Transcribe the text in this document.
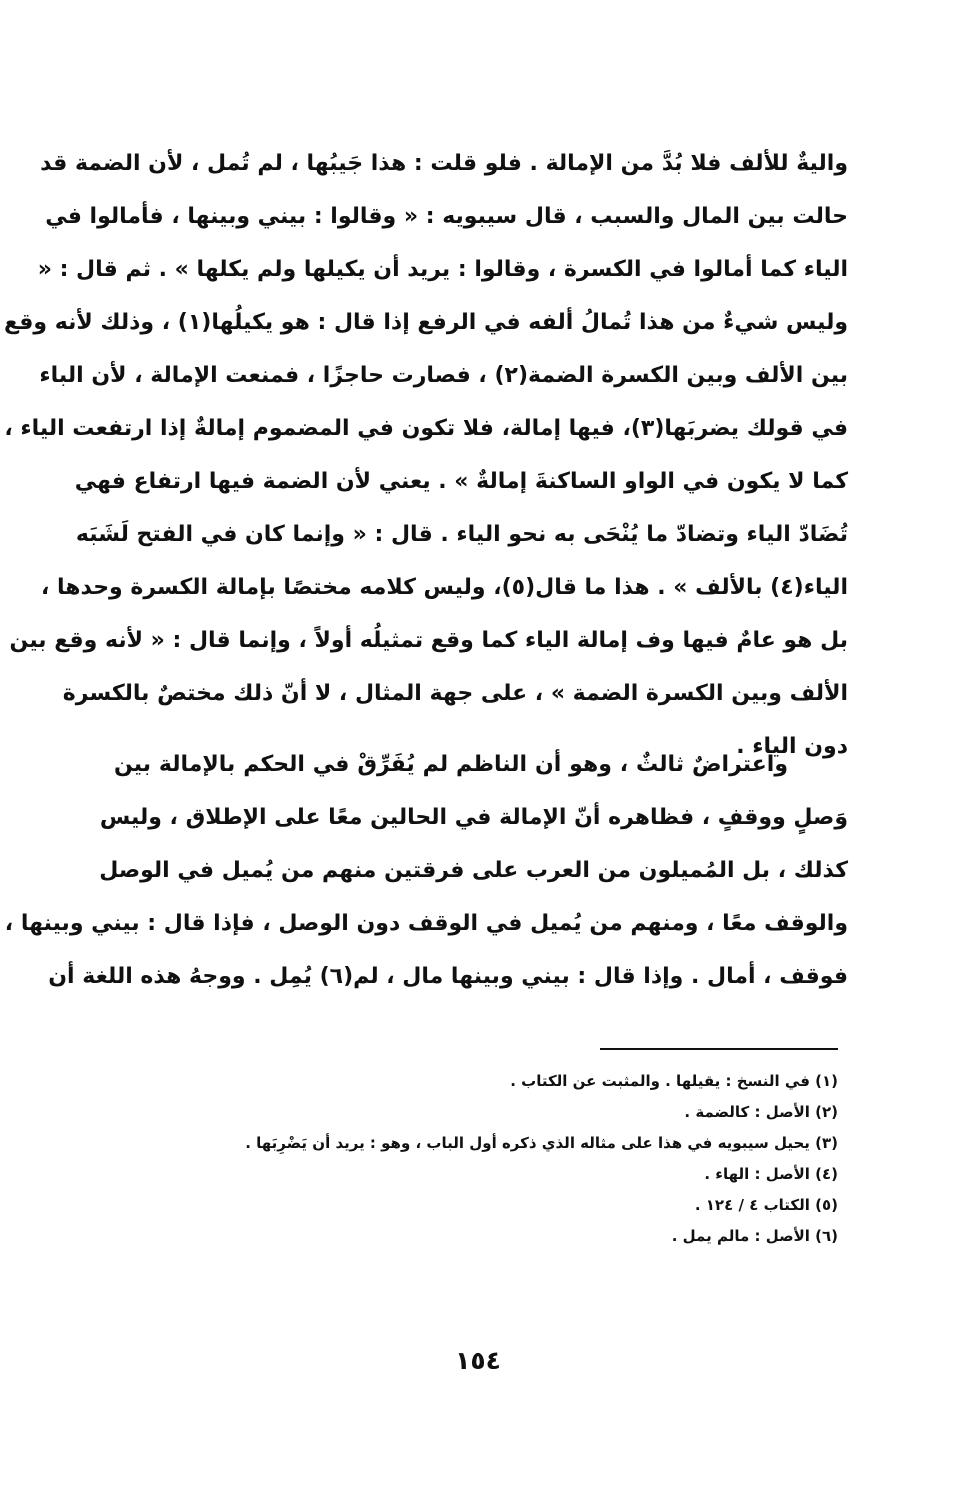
واليةٌ للألف فلا بُدَّ من الإمالة . فلو قلت : هذا جَيبُها ، لم تُمل ، لأن الضمة قد
حالت بين المال والسبب ، قال سيبويه : « وقالوا : بيني وبينها ، فأمالوا في
الياء كما أمالوا في الكسرة ، وقالوا : يريد أن يكيلها ولم يكلها » . ثم قال : «
وليس شيءٌ من هذا تُمالُ ألفه في الرفع إذا قال : هو يكيلُها(١) ، وذلك لأنه وقع
بين الألف وبين الكسرة الضمة(٢) ، فصارت حاجزًا ، فمنعت الإمالة ، لأن الباء
في قولك يضربَها(٣)، فيها إمالة، فلا تكون في المضموم إمالةٌ إذا ارتفعت الياء ،
كما لا يكون في الواو الساكنةَ إمالةٌ » . يعني لأن الضمة فيها ارتفاع فهي
تُضَادّ الياء وتضادّ ما يُنْحَى به نحو الياء . قال : « وإنما كان في الفتح لَشَبَه
الياء(٤) بالألف » . هذا ما قال(٥)، وليس كلامه مختصًا بإمالة الكسرة وحدها ،
بل هو عامٌ فيها وف إمالة الياء كما وقع تمثيلُه أولاً ، وإنما قال : « لأنه وقع بين
الألف وبين الكسرة الضمة » ، على جهة المثال ، لا أنّ ذلك مختصٌ بالكسرة
دون الياء .
واعتراضٌ ثالثٌ ، وهو أن الناظم لم يُفَرِّقْ في الحكم بالإمالة بين
وَصلٍ ووقفٍ ، فظاهره أنّ الإمالة في الحالين معًا على الإطلاق ، وليس
كذلك ، بل المُميلون من العرب على فرقتين منهم من يُميل في الوصل
والوقف معًا ، ومنهم من يُميل في الوقف دون الوصل ، فإذا قال : بيني وبينها ،
فوقف ، أمال . وإذا قال : بيني وبينها مال ، لم(٦) يُمِل . ووجهُ هذه اللغة أن
(١) في النسخ : يقيلها . والمثبت عن الكتاب .
(٢) الأصل : كالضمة .
(٣) يحيل سيبويه في هذا على مثاله الذي ذكره أول الباب ، وهو : يريد أن يَضْرِبَها .
(٤) الأصل : الهاء .
(٥) الكتاب ٤ / ١٢٤ .
(٦) الأصل : مالم يمل .
١٥٤
